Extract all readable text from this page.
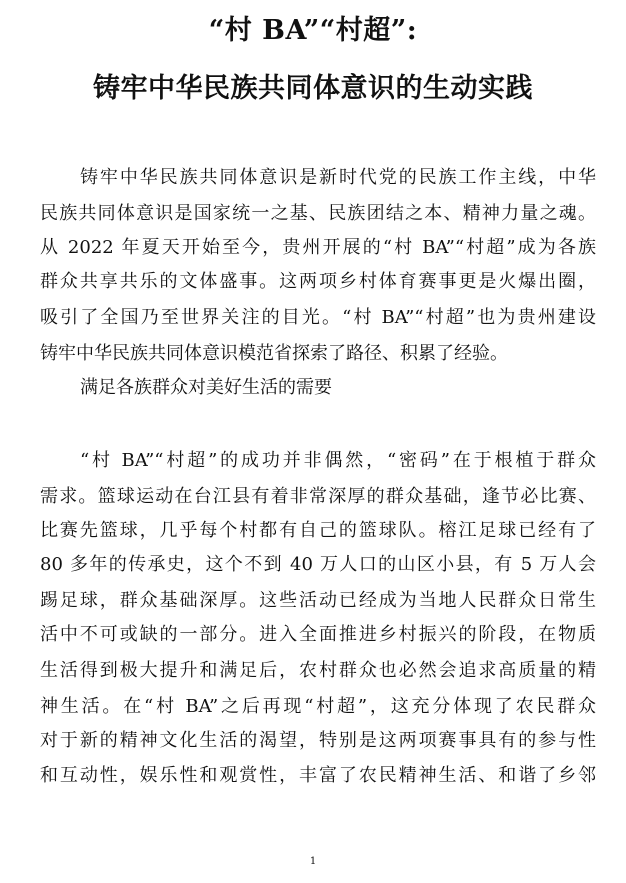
“村 BA”“村超”:
铸牢中华民族共同体意识的生动实践
铸牢中华民族共同体意识是新时代党的民族工作主线，中华
民族共同体意识是国家统一之基、民族团结之本、精神力量之魂。
从 2022 年夏天开始至今，贵州开展的“村 BA”“村超”成为各族
群众共享共乐的文体盛事。这两项乡村体育赛事更是火爆出圈，
吸引了全国乃至世界关注的目光。“村 BA”“村超”也为贵州建设
铸牢中华民族共同体意识模范省探索了路径、积累了经验。
满足各族群众对美好生活的需要
“村 BA”“村超”的成功并非偶然，“密码”在于根植于群众
需求。篮球运动在台江县有着非常深厚的群众基础，逢节必比赛、
比赛先篮球，几乎每个村都有自己的篮球队。榕江足球已经有了
80 多年的传承史，这个不到 40 万人口的山区小县，有 5 万人会
踢足球，群众基础深厚。这些活动已经成为当地人民群众日常生
活中不可或缺的一部分。进入全面推进乡村振兴的阶段，在物质
生活得到极大提升和满足后，农村群众也必然会追求高质量的精
神生活。在“村 BA”之后再现“村超”，这充分体现了农民群众
对于新的精神文化生活的渴望，特别是这两项赛事具有的参与性
和互动性，娱乐性和观赏性，丰富了农民精神生活、和谐了乡邻
1
